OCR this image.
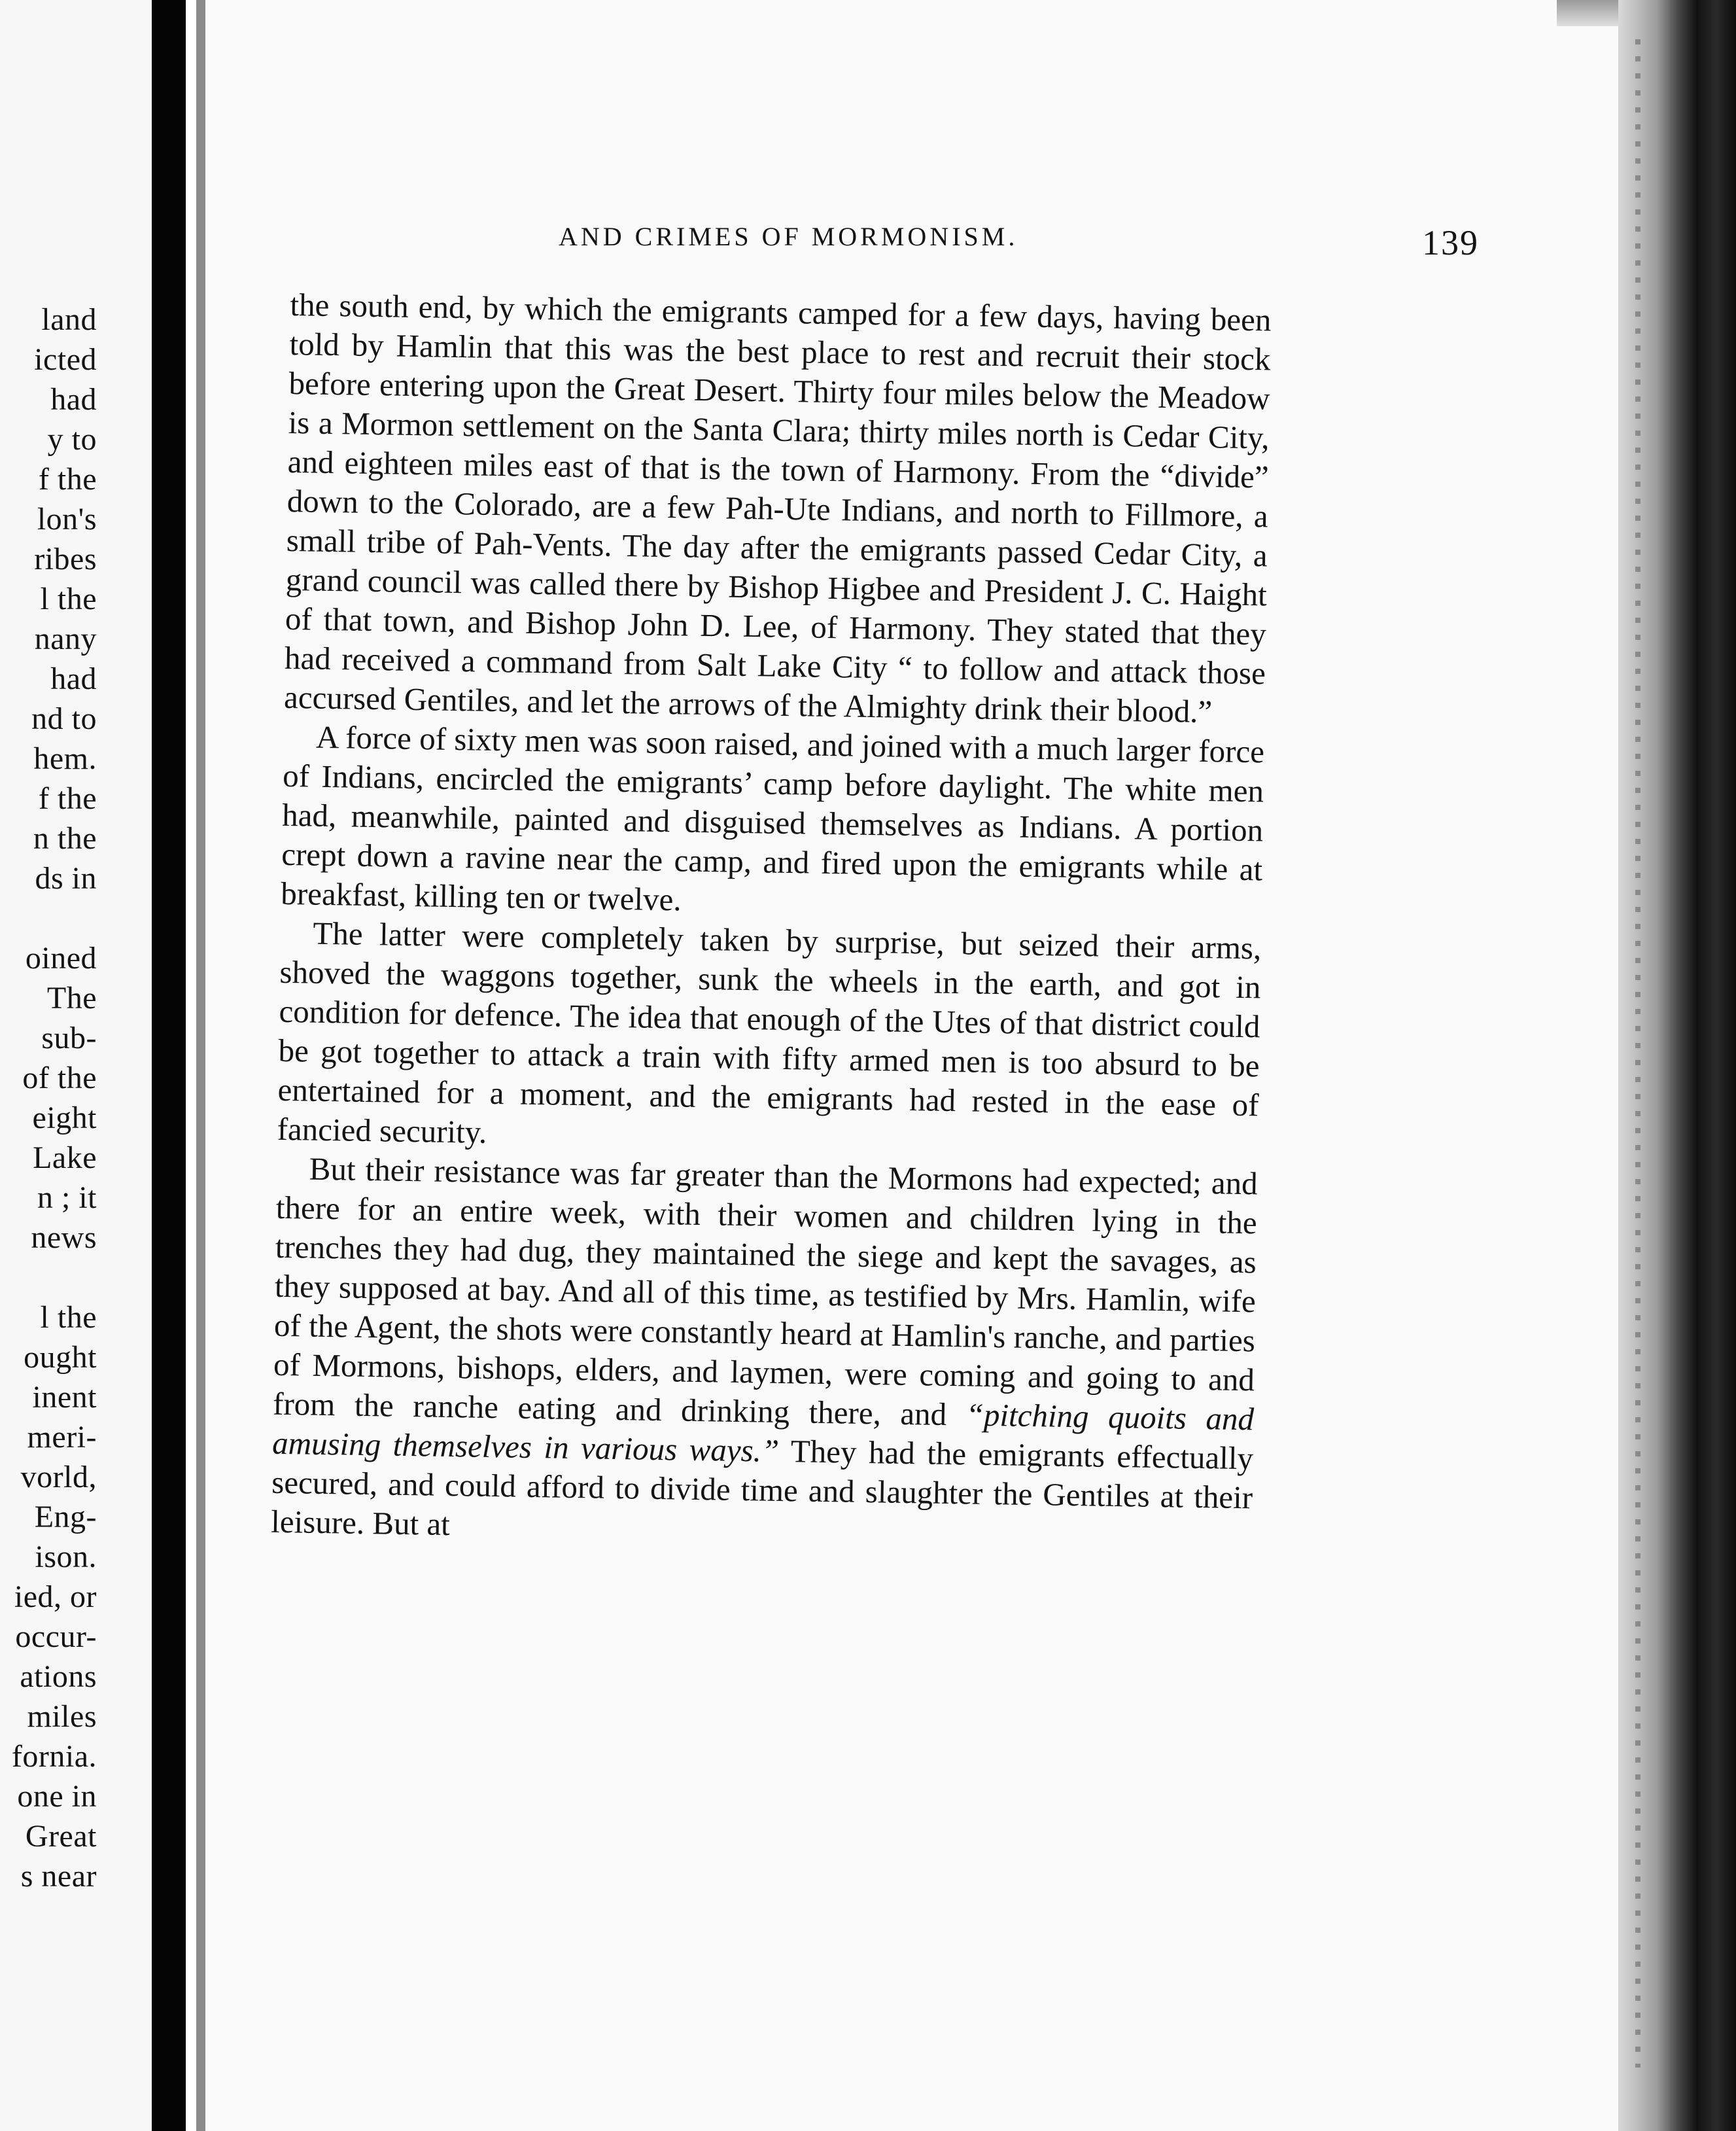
land
icted
had
y to
f the
lon's
ribes
l the
nany
had
nd to
hem.
f the
n the
ds in
oined
The
sub-
of the
eight
Lake
n ; it
news
l the
ought
inent
meri-
vorld,
Eng-
ison.
ied, or
occur-
ations
miles
fornia.
one in
Great
s near
AND CRIMES OF MORMONISM.	139

the south end, by which the emigrants camped for a few days, having been told by Hamlin that this was the best place to rest and recruit their stock before entering upon the Great Desert. Thirty four miles below the Meadow is a Mormon settlement on the Santa Clara; thirty miles north is Cedar City, and eighteen miles east of that is the town of Harmony. From the “divide” down to the Colorado, are a few Pah-Ute Indians, and north to Fillmore, a small tribe of Pah-Vents. The day after the emigrants passed Cedar City, a grand council was called there by Bishop Higbee and President J. C. Haight of that town, and Bishop John D. Lee, of Harmony. They stated that they had received a command from Salt Lake City “ to follow and attack those accursed Gentiles, and let the arrows of the Almighty drink their blood.”

A force of sixty men was soon raised, and joined with a much larger force of Indians, encircled the emigrants’ camp before daylight. The white men had, meanwhile, painted and disguised themselves as Indians. A portion crept down a ravine near the camp, and fired upon the emigrants while at breakfast, killing ten or twelve.

The latter were completely taken by surprise, but seized their arms, shoved the waggons together, sunk the wheels in the earth, and got in condition for defence. The idea that enough of the Utes of that district could be got together to attack a train with fifty armed men is too absurd to be entertained for a moment, and the emigrants had rested in the ease of fancied security.

But their resistance was far greater than the Mormons had expected; and there for an entire week, with their women and children lying in the trenches they had dug, they maintained the siege and kept the savages, as they supposed at bay. And all of this time, as testified by Mrs. Hamlin, wife of the Agent, the shots were constantly heard at Hamlin's ranche, and parties of Mormons, bishops, elders, and laymen, were coming and going to and from the ranche eating and drinking there, and “pitching quoits and amusing themselves in various ways.” They had the emigrants effectually secured, and could afford to divide time and slaughter the Gentiles at their leisure. But at
